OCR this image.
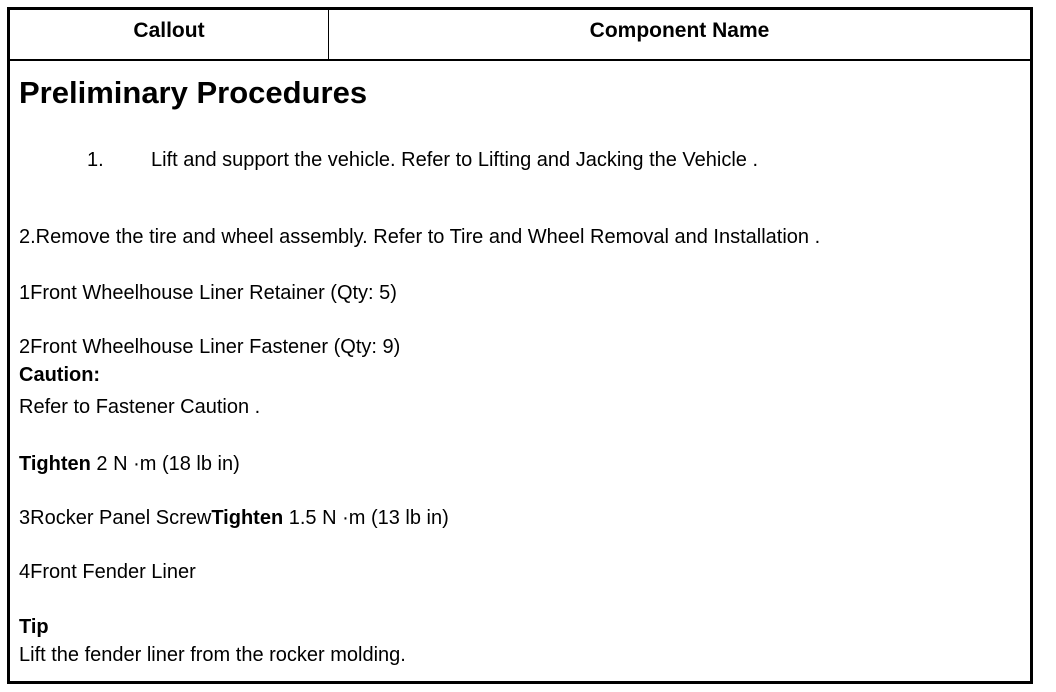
Callout	Component Name
Preliminary Procedures
1. Lift and support the vehicle. Refer to Lifting and Jacking the Vehicle .
2.Remove the tire and wheel assembly. Refer to Tire and Wheel Removal and Installation .
1Front Wheelhouse Liner Retainer (Qty: 5)
2Front Wheelhouse Liner Fastener (Qty: 9)
Caution:
Refer to Fastener Caution .
Tighten 2 N ·m (18 lb in)
3Rocker Panel ScrewTighten 1.5 N ·m (13 lb in)
4Front Fender Liner
Tip
Lift the fender liner from the rocker molding.
